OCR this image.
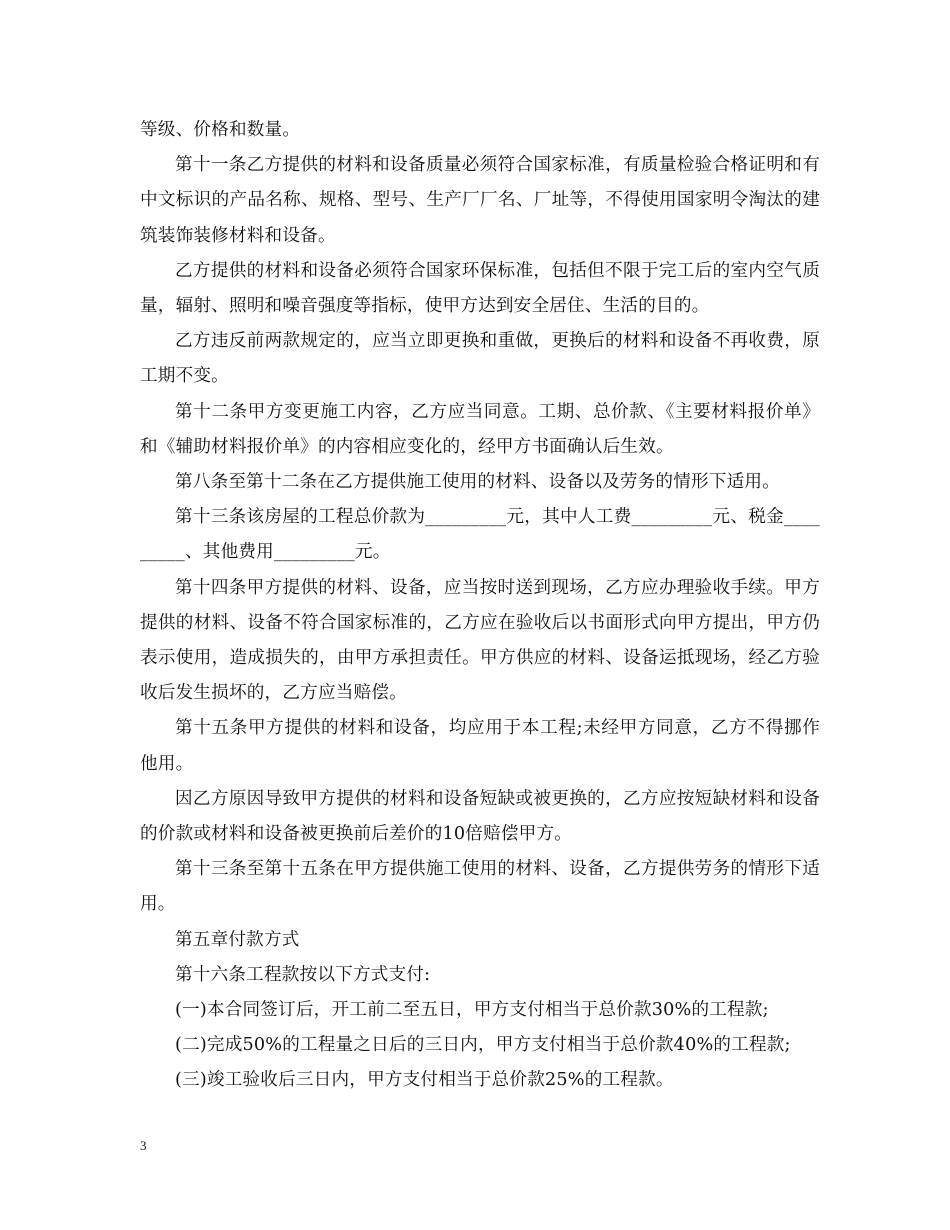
等级、价格和数量。

第十一条乙方提供的材料和设备质量必须符合国家标准，有质量检验合格证明和有中文标识的产品名称、规格、型号、生产厂厂名、厂址等，不得使用国家明令淘汰的建筑装饰装修材料和设备。

乙方提供的材料和设备必须符合国家环保标准，包括但不限于完工后的室内空气质量，辐射、照明和噪音强度等指标，使甲方达到安全居住、生活的目的。

乙方违反前两款规定的，应当立即更换和重做，更换后的材料和设备不再收费，原工期不变。

第十二条甲方变更施工内容，乙方应当同意。工期、总价款、《主要材料报价单》和《辅助材料报价单》的内容相应变化的，经甲方书面确认后生效。

第八条至第十二条在乙方提供施工使用的材料、设备以及劳务的情形下适用。

第十三条该房屋的工程总价款为_________元，其中人工费_________元、税金_________、其他费用_________元。

第十四条甲方提供的材料、设备，应当按时送到现场，乙方应办理验收手续。甲方提供的材料、设备不符合国家标准的，乙方应在验收后以书面形式向甲方提出，甲方仍表示使用，造成损失的，由甲方承担责任。甲方供应的材料、设备运抵现场，经乙方验收后发生损坏的，乙方应当赔偿。

第十五条甲方提供的材料和设备，均应用于本工程;未经甲方同意，乙方不得挪作他用。

因乙方原因导致甲方提供的材料和设备短缺或被更换的，乙方应按短缺材料和设备的价款或材料和设备被更换前后差价的10倍赔偿甲方。

第十三条至第十五条在甲方提供施工使用的材料、设备，乙方提供劳务的情形下适用。

第五章付款方式

第十六条工程款按以下方式支付:

(一)本合同签订后，开工前二至五日，甲方支付相当于总价款30%的工程款;

(二)完成50%的工程量之日后的三日内，甲方支付相当于总价款40%的工程款;

(三)竣工验收后三日内，甲方支付相当于总价款25%的工程款。

3
